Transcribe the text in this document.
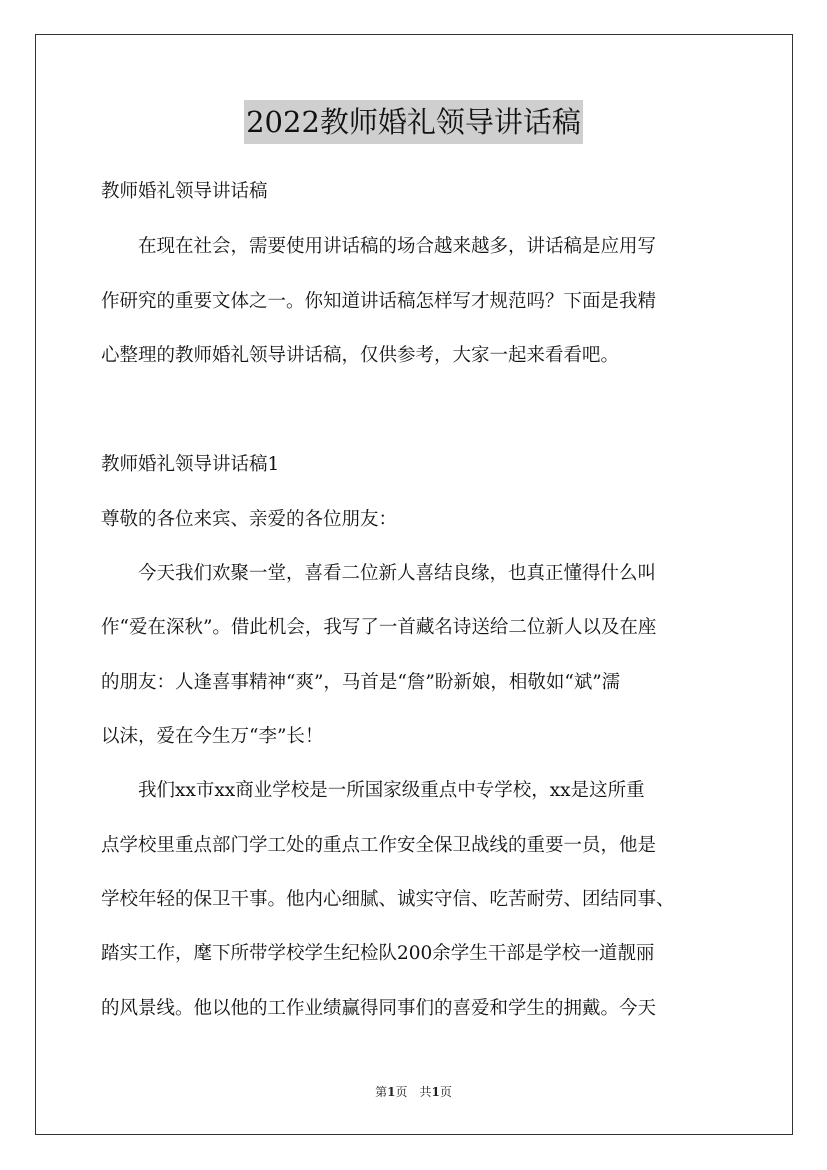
2022教师婚礼领导讲话稿
教师婚礼领导讲话稿
　　在现在社会，需要使用讲话稿的场合越来越多，讲话稿是应用写
作研究的重要文体之一。你知道讲话稿怎样写才规范吗？下面是我精
心整理的教师婚礼领导讲话稿，仅供参考，大家一起来看看吧。
教师婚礼领导讲话稿1
尊敬的各位来宾、亲爱的各位朋友：
　　今天我们欢聚一堂，喜看二位新人喜结良缘，也真正懂得什么叫
作“爱在深秋”。借此机会，我写了一首藏名诗送给二位新人以及在座
的朋友：人逢喜事精神“爽”，马首是“詹”盼新娘，相敬如“斌”濡
以沫，爱在今生万“李”长！
　　我们xx市xx商业学校是一所国家级重点中专学校，xx是这所重
点学校里重点部门学工处的重点工作安全保卫战线的重要一员，他是
学校年轻的保卫干事。他内心细腻、诚实守信、吃苦耐劳、团结同事、
踏实工作，麾下所带学校学生纪检队200余学生干部是学校一道靓丽
的风景线。他以他的工作业绩赢得同事们的喜爱和学生的拥戴。今天
第1页　共1页
